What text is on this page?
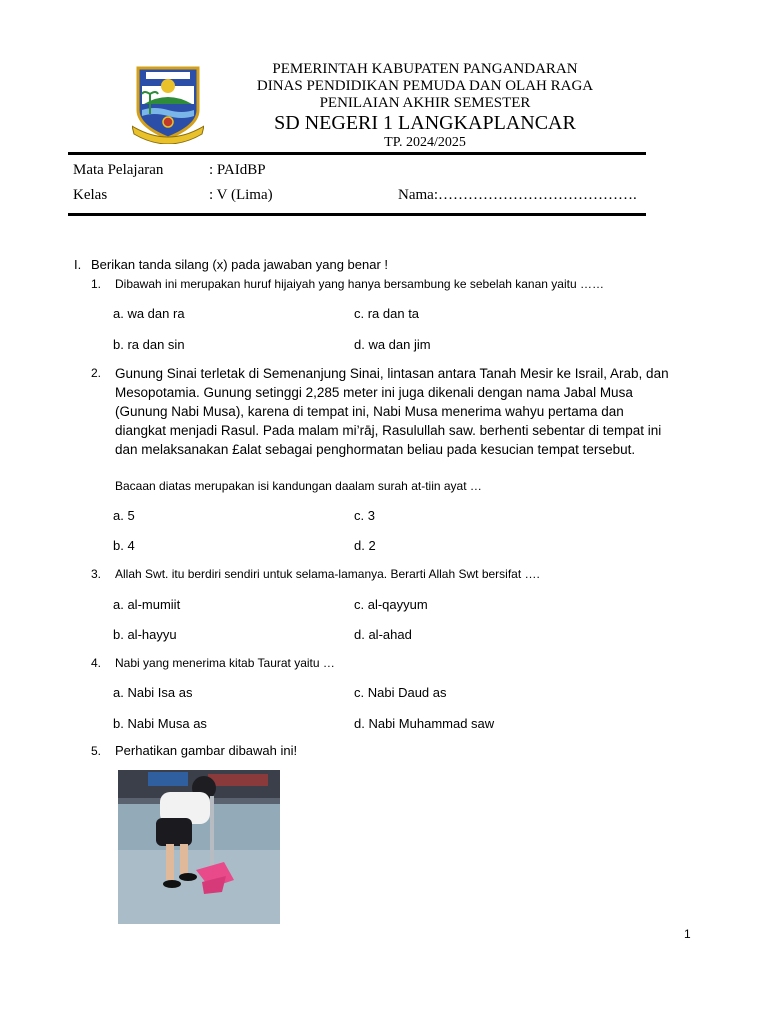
PEMERINTAH KABUPATEN PANGANDARAN
DINAS PENDIDIKAN PEMUDA DAN OLAH RAGA
PENILAIAN AKHIR SEMESTER
SD NEGERI 1 LANGKAPLANCAR
TP. 2024/2025
Mata Pelajaran	: PAIdBP
Kelas	: V (Lima)	Nama:………………………………….
I. Berikan tanda silang (x) pada jawaban yang benar !
1. Dibawah ini merupakan huruf hijaiyah yang hanya bersambung ke sebelah kanan yaitu ……
a. wa dan ra	c. ra dan ta
b. ra dan sin	d. wa dan jim
2. Gunung Sinai terletak di Semenanjung Sinai, lintasan antara Tanah Mesir ke Israil, Arab, dan
Mesopotamia. Gunung setinggi 2,285 meter ini juga dikenali dengan nama Jabal Musa
(Gunung Nabi Musa), karena di tempat ini, Nabi Musa menerima wahyu pertama dan
diangkat menjadi Rasul. Pada malam mi’rāj, Rasulullah saw. berhenti sebentar di tempat ini
dan melaksanakan £alat sebagai penghormatan beliau pada kesucian tempat tersebut.
Bacaan diatas merupakan isi kandungan daalam surah at-tiin ayat …
a. 5	c. 3
b. 4	d. 2
3. Allah Swt. itu berdiri sendiri untuk selama-lamanya. Berarti Allah Swt bersifat ….
a. al-mumiit	c. al-qayyum
b. al-hayyu	d. al-ahad
4. Nabi yang menerima kitab Taurat yaitu …
a. Nabi Isa as	c. Nabi Daud as
b. Nabi Musa as	d. Nabi Muhammad saw
5. Perhatikan gambar dibawah ini!
1
